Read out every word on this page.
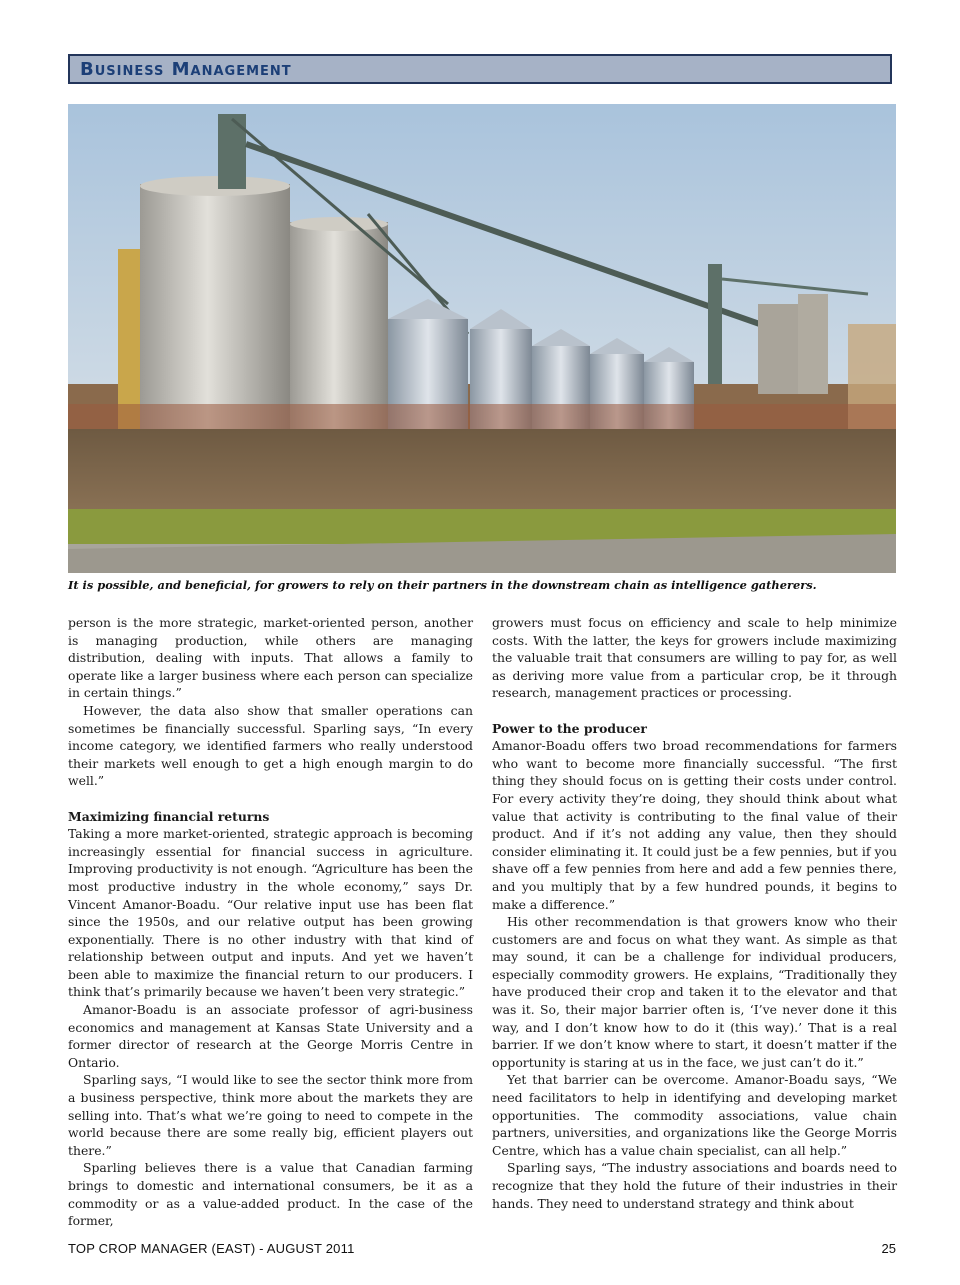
Business Management
It is possible, and beneficial, for growers to rely on their partners in the downstream chain as intelligence gatherers.

person is the more strategic, market-oriented person, another is managing production, while others are managing distribution, dealing with inputs. That allows a family to operate like a larger business where each person can specialize in certain things.”

However, the data also show that smaller operations can sometimes be financially successful. Sparling says, “In every income category, we identified farmers who really understood their markets well enough to get a high enough margin to do well.”

Maximizing financial returns

Taking a more market-oriented, strategic approach is becoming increasingly essential for financial success in agriculture. Improving productivity is not enough. “Agriculture has been the most productive industry in the whole economy,” says Dr. Vincent Amanor-Boadu. “Our relative input use has been flat since the 1950s, and our relative output has been growing exponentially. There is no other industry with that kind of relationship between output and inputs. And yet we haven’t been able to maximize the financial return to our producers. I think that’s primarily because we haven’t been very strategic.”

Amanor-Boadu is an associate professor of agri-business economics and management at Kansas State University and a former director of research at the George Morris Centre in Ontario.

Sparling says, “I would like to see the sector think more from a business perspective, think more about the markets they are selling into. That’s what we’re going to need to compete in the world because there are some really big, efficient players out there.”

Sparling believes there is a value that Canadian farming brings to domestic and international consumers, be it as a commodity or as a value-added product. In the case of the former,

growers must focus on efficiency and scale to help minimize costs. With the latter, the keys for growers include maximizing the valuable trait that consumers are willing to pay for, as well as deriving more value from a particular crop, be it through research, management practices or processing.

Power to the producer

Amanor-Boadu offers two broad recommendations for farmers who want to become more financially successful. “The first thing they should focus on is getting their costs under control. For every activity they’re doing, they should think about what value that activity is contributing to the final value of their product. And if it’s not adding any value, then they should consider eliminating it. It could just be a few pennies, but if you shave off a few pennies from here and add a few pennies there, and you multiply that by a few hundred pounds, it begins to make a difference.”

His other recommendation is that growers know who their customers are and focus on what they want. As simple as that may sound, it can be a challenge for individual producers, especially commodity growers. He explains, “Traditionally they have produced their crop and taken it to the elevator and that was it. So, their major barrier often is, ‘I’ve never done it this way, and I don’t know how to do it (this way).’ That is a real barrier. If we don’t know where to start, it doesn’t matter if the opportunity is staring at us in the face, we just can’t do it.”

Yet that barrier can be overcome. Amanor-Boadu says, “We need facilitators to help in identifying and developing market opportunities. The commodity associations, value chain partners, universities, and organizations like the George Morris Centre, which has a value chain specialist, can all help.”

Sparling says, “The industry associations and boards need to recognize that they hold the future of their industries in their hands. They need to understand strategy and think about

TOP CROP MANAGER (EAST) - AUGUST 2011	25
